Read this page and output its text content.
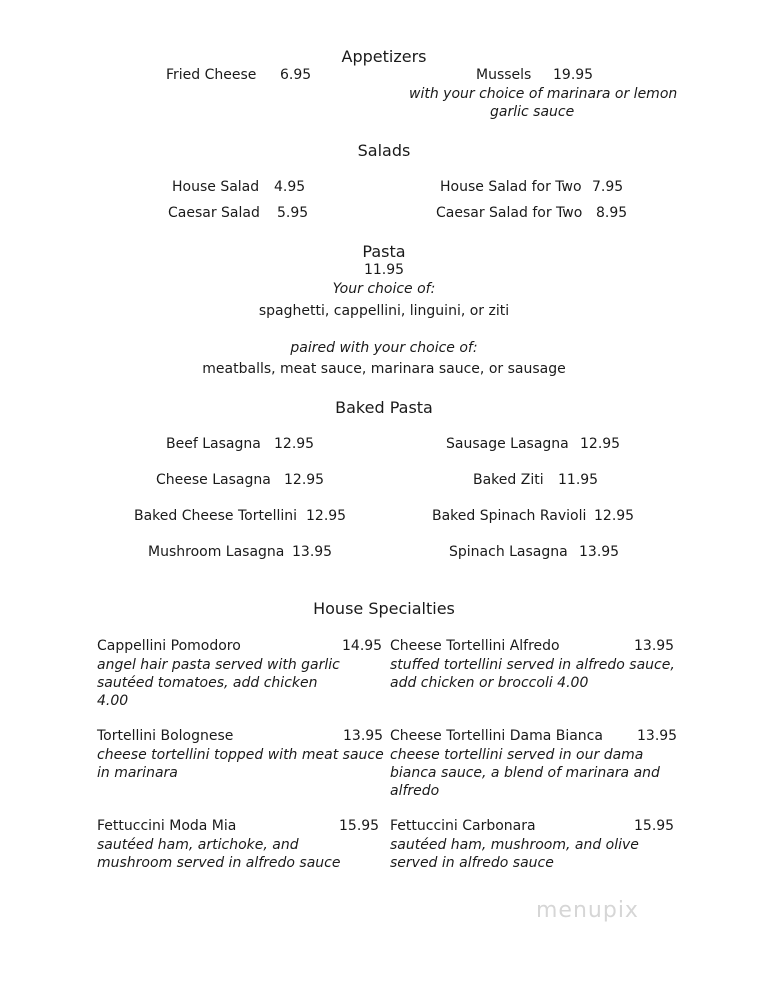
Appetizers
Fried Cheese 6.95	Mussels 19.95
with your choice of marinara or lemon
garlic sauce
Salads
House Salad 4.95
Caesar Salad 5.95
House Salad for Two 7.95
Caesar Salad for Two 8.95
Pasta
11.95
Your choice of:
spaghetti, cappellini, linguini, or ziti
paired with your choice of:
meatballs, meat sauce, marinara sauce, or sausage
Baked Pasta
Beef Lasagna 12.95
Cheese Lasagna 12.95
Baked Cheese Tortellini 12.95
Mushroom Lasagna 13.95
Sausage Lasagna 12.95
Baked Ziti 11.95
Baked Spinach Ravioli 12.95
Spinach Lasagna 13.95
House Specialties
Cappellini Pomodoro	14.95
angel hair pasta served with garlic sautéed tomatoes, add chicken 4.00
Tortellini Bolognese	13.95
cheese tortellini topped with meat sauce in marinara
Fettuccini Moda Mia	15.95
sautéed ham, artichoke, and mushroom served in alfredo sauce
Cheese Tortellini Alfredo	13.95
stuffed tortellini served in alfredo sauce, add chicken or broccoli 4.00
Cheese Tortellini Dama Bianca 13.95
cheese tortellini served in our dama bianca sauce, a blend of marinara and alfredo
Fettuccini Carbonara	15.95
sautéed ham, mushroom, and olive served in alfredo sauce
menupix
